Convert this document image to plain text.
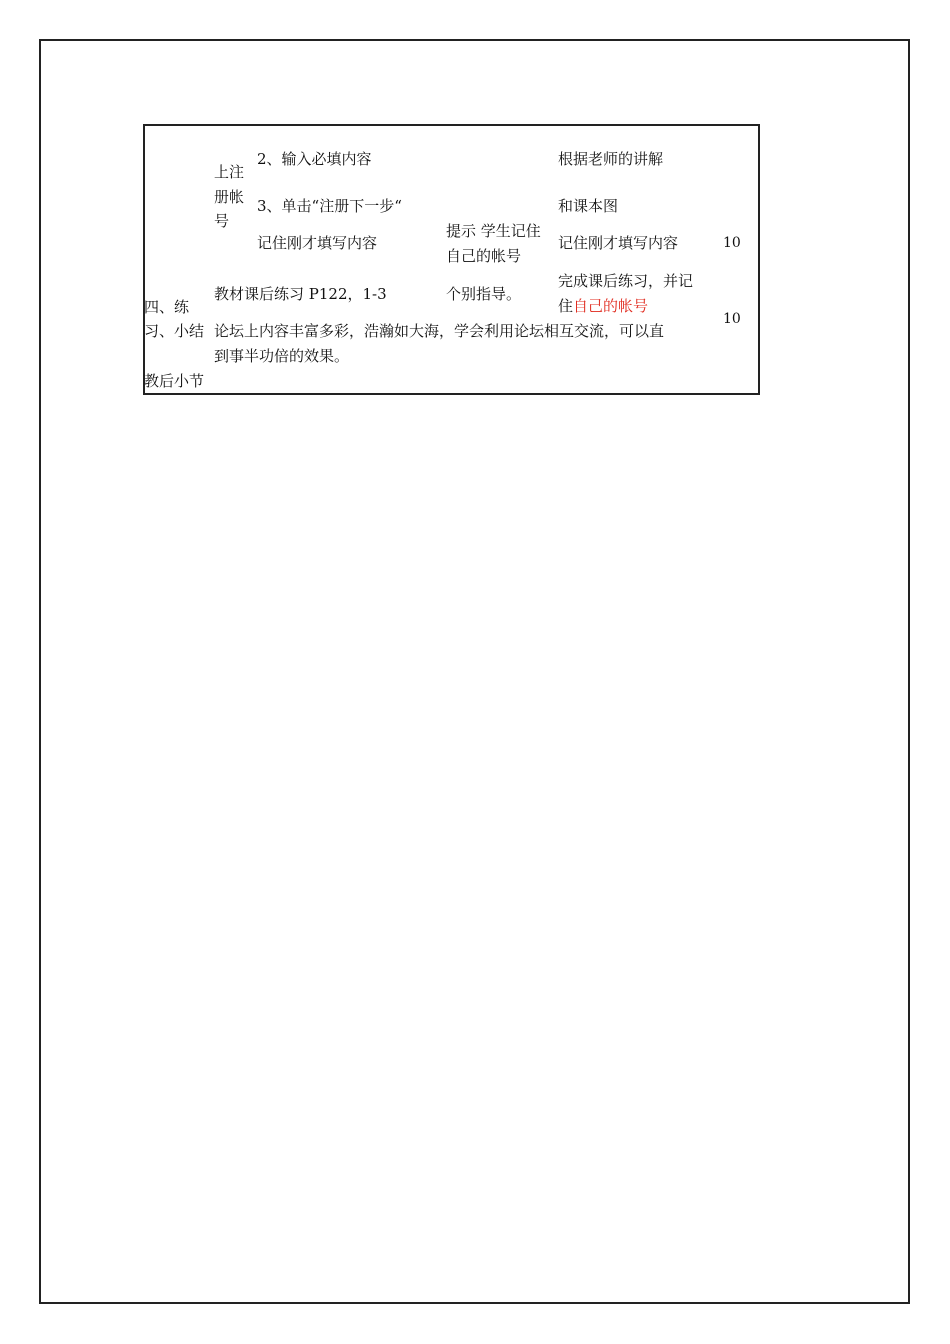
上注
册帐
号
2、输入必填内容
3、单击“注册下一步“
记住刚才填写内容
提示 学生记住
自己的帐号
根据老师的讲解
和课本图
记住刚才填写内容	10
四、练
习、小结
教材课后练习 P122，1-3	个别指导。
完成课后练习，并记
住自己的帐号
10
论坛上内容丰富多彩，浩瀚如大海，学会利用论坛相互交流，可以直
到事半功倍的效果。
教后小节
